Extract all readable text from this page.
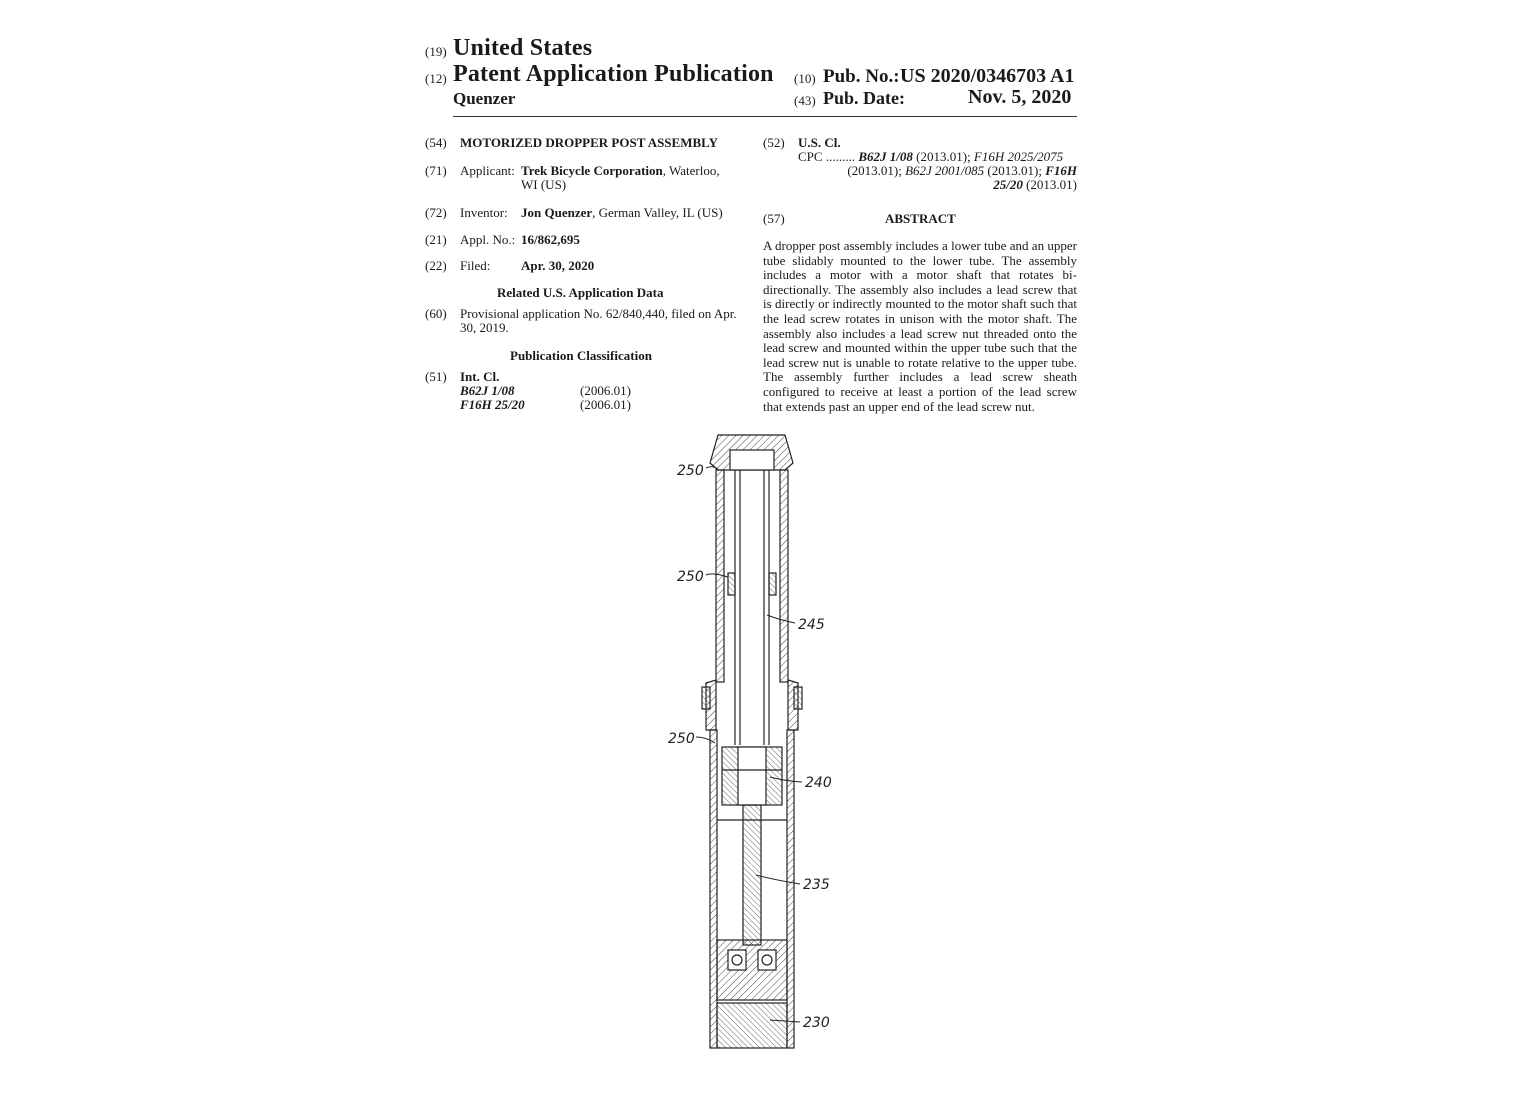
(19) United States
(12) Patent Application Publication
Quenzer
(10) Pub. No.: US 2020/0346703 A1
(43) Pub. Date:	Nov. 5, 2020
(54) MOTORIZED DROPPER POST ASSEMBLY
(71) Applicant: Trek Bicycle Corporation, Waterloo,
WI (US)
(72) Inventor: Jon Quenzer, German Valley, IL (US)
(21) Appl. No.: 16/862,695
(22) Filed: Apr. 30, 2020
Related U.S. Application Data
(60) Provisional application No. 62/840,440, filed on Apr.
30, 2019.
Publication Classification
(51) Int. Cl.
B62J 1/08	(2006.01)
F16H 25/20	(2006.01)
(52) U.S. Cl.
CPC ......... B62J 1/08 (2013.01); F16H 2025/2075
(2013.01); B62J 2001/085 (2013.01); F16H
25/20 (2013.01)
(57)	ABSTRACT
A dropper post assembly includes a lower tube and an upper tube slidably mounted to the lower tube. The assembly includes a motor with a motor shaft that rotates bi-directionally. The assembly also includes a lead screw that is directly or indirectly mounted to the motor shaft such that the lead screw rotates in unison with the motor shaft. The assembly also includes a lead screw nut threaded onto the lead screw and mounted within the upper tube such that the lead screw nut is unable to rotate relative to the upper tube. The assembly further includes a lead screw sheath configured to receive at least a portion of the lead screw that extends past an upper end of the lead screw nut.
250
250
245
250
240
235
230
